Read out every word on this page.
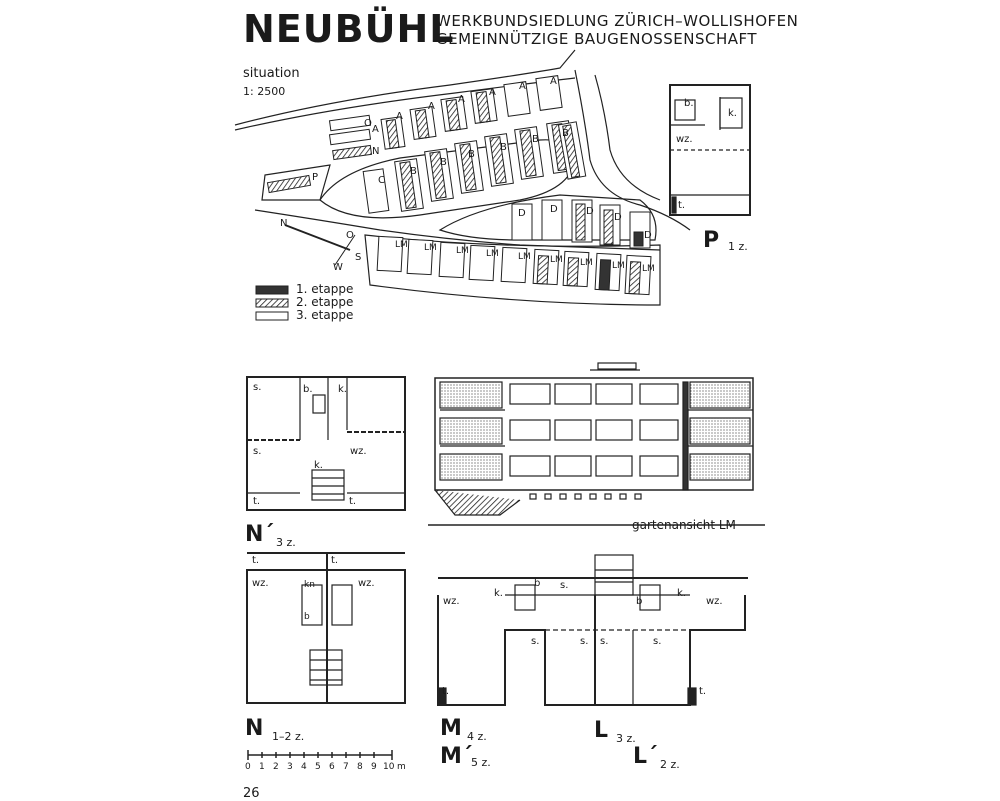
NEUBÜHL
WERKBUNDSIEDLUNG ZÜRICH–WOLLISHOFEN
GEMEINNÜTZIGE BAUGENOSSENSCHAFT
situation
1: 2500
A
A
A
A
A A
A
B
B
B
B
B
B
C
D D	D
D
D
O
N
P
LM LM LM LM LM LM LM LM LM
N
O
S
W
1. etappe
2. etappe
3. etappe
b.
k.
wz.
t.
P 1 z.
s.	b.	k.
s.
k.
wz.
t.	t.
N´ 3 z.
t.	t.
wz.	kn	wz.
b
N 1–2 z.
gartenansicht LM
wz.
k.
b s.
b
k.
wz.
s.	s. s.	s.
t.	t.
M 4 z.
M´
5 z.
L 3 z.
L´ 2 z.
0 1 2 3 4 5 6 7 8 9 10 m
26
